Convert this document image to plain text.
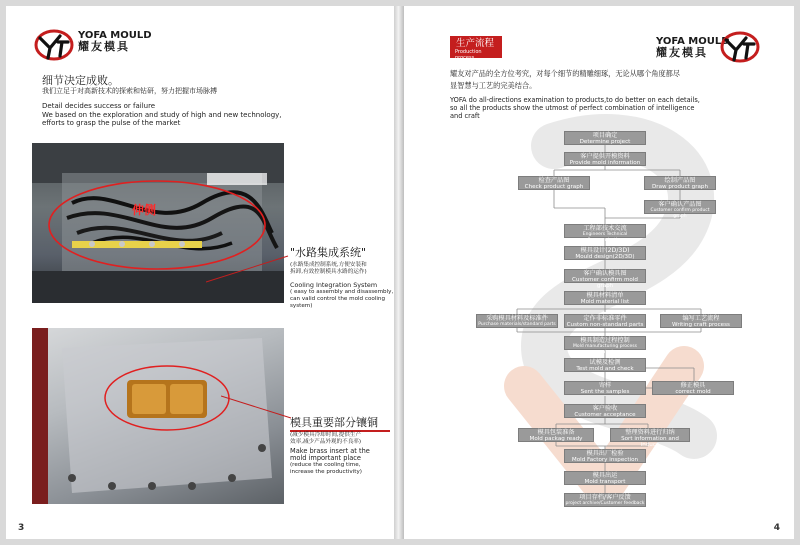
YOFA MOULD
耀友模具
细节决定成败。
我们立足于对高新技术的探索和钻研，努力把握市场脉搏
Detail decides success or failure
We based on the exploration and study of high and new technology,
efforts to grasp the pulse of the market
伸侧
"水路集成系统"
(水路集成控制系统,方便安装和
拆卸,有效控制模具水路的运作)
Cooling Integration System
( easy to assembly and disassembly,
can valid control the mold cooling
system)
模具重要部分镶铜
(减少模具冷却时间,提供生产
效率,减少产品外观的不良率)
Make brass insert at the
mold important place
(reduce the cooling time,
increase the productivity)
3
生产流程
Production process
YOFA MOULD
耀友模具
耀友对产品的全方位考究，对每个细节的精雕细琢，无论从哪个角度都尽
显智慧与工艺的完美结合。
YOFA do all-directions examination to products,to do better on each details,
so all the products show the utmost of perfect combination of intelligence
and craft
项目确定
Determine project
客户提供开模资料
Provide mold information
检查产品图
Check product graph
绘制产品图
Draw product graph
客户确认产品图
Customer confirm product graph
工程部技术交流
Engineers Technical Communication
模具设计(2D/3D)
Mould design(2D/3D)
客户确认模具图
Customer confirm mold graph
模具材料清单
Mold material list
采购模具材料及标准件
Purchase materials/standard parts
定作非标准零件
Custom non-standard parts
编写工艺流程
Writing craft process
模具制造过程控制
Mold manufacturing process control
试模及检测
Test mold and check
寄样
Sent the samples
修正模具
correct mold
客户验收
Customer acceptance
模具包装准备
Mold packag ready
整理资料进行归纳
Sort information and induce
模具出厂检验
Mold Factory inspection
模具出运
Mold transport
项目存档/客户反馈
project archive/Customer feedback
4
